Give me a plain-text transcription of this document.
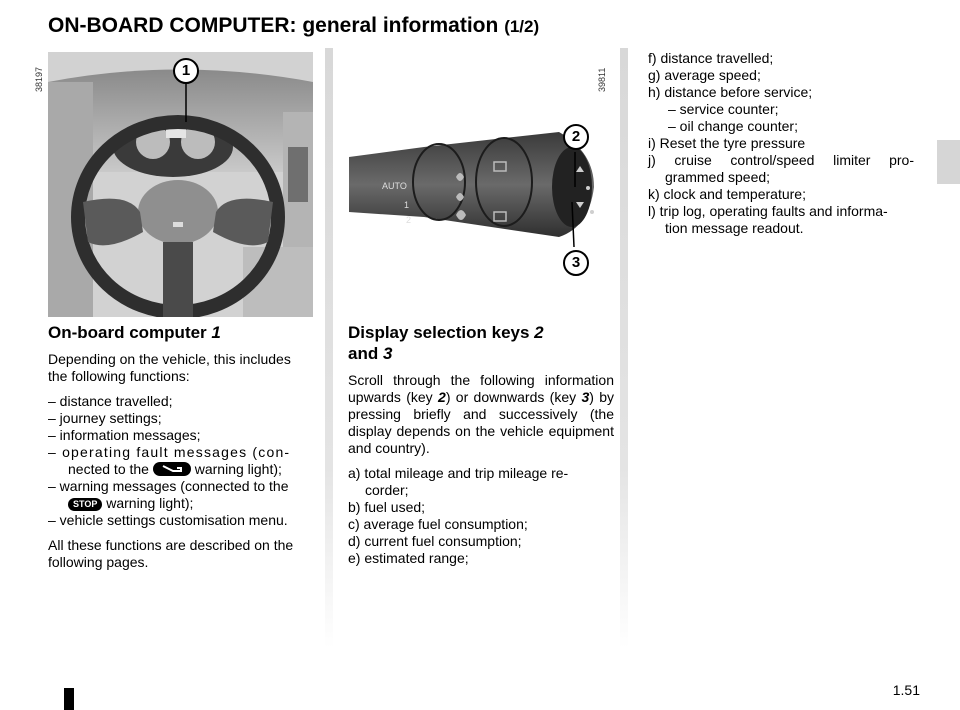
ON-BOARD COMPUTER: general information (1/2)
1
38197
AUTO
1
2
2
3
39811
On-board computer 1

Depending on the vehicle, this includes the following functions:

– distance travelled;

– journey settings;

– information messages;

– operating fault messages (con-

nected to the	warning light);

– warning messages (connected to the

STOP warning light);

– vehicle settings customisation menu.

All these functions are described on the following pages.

Display selection keys 2
and 3

Scroll through the following information upwards (key 2) or downwards (key 3) by pressing briefly and successively (the display depends on the vehicle equipment and country).

a) total mileage and trip mileage re- corder;

b) fuel used;

c) average fuel consumption;

d) current fuel consumption;

e) estimated range;

f) distance travelled;

g) average speed;

h) distance before service;

– service counter;

– oil change counter;

i) Reset the tyre pressure

j) cruise control/speed limiter pro- grammed speed;

k) clock and temperature;

l) trip log, operating faults and informa- tion message readout.

1.51
